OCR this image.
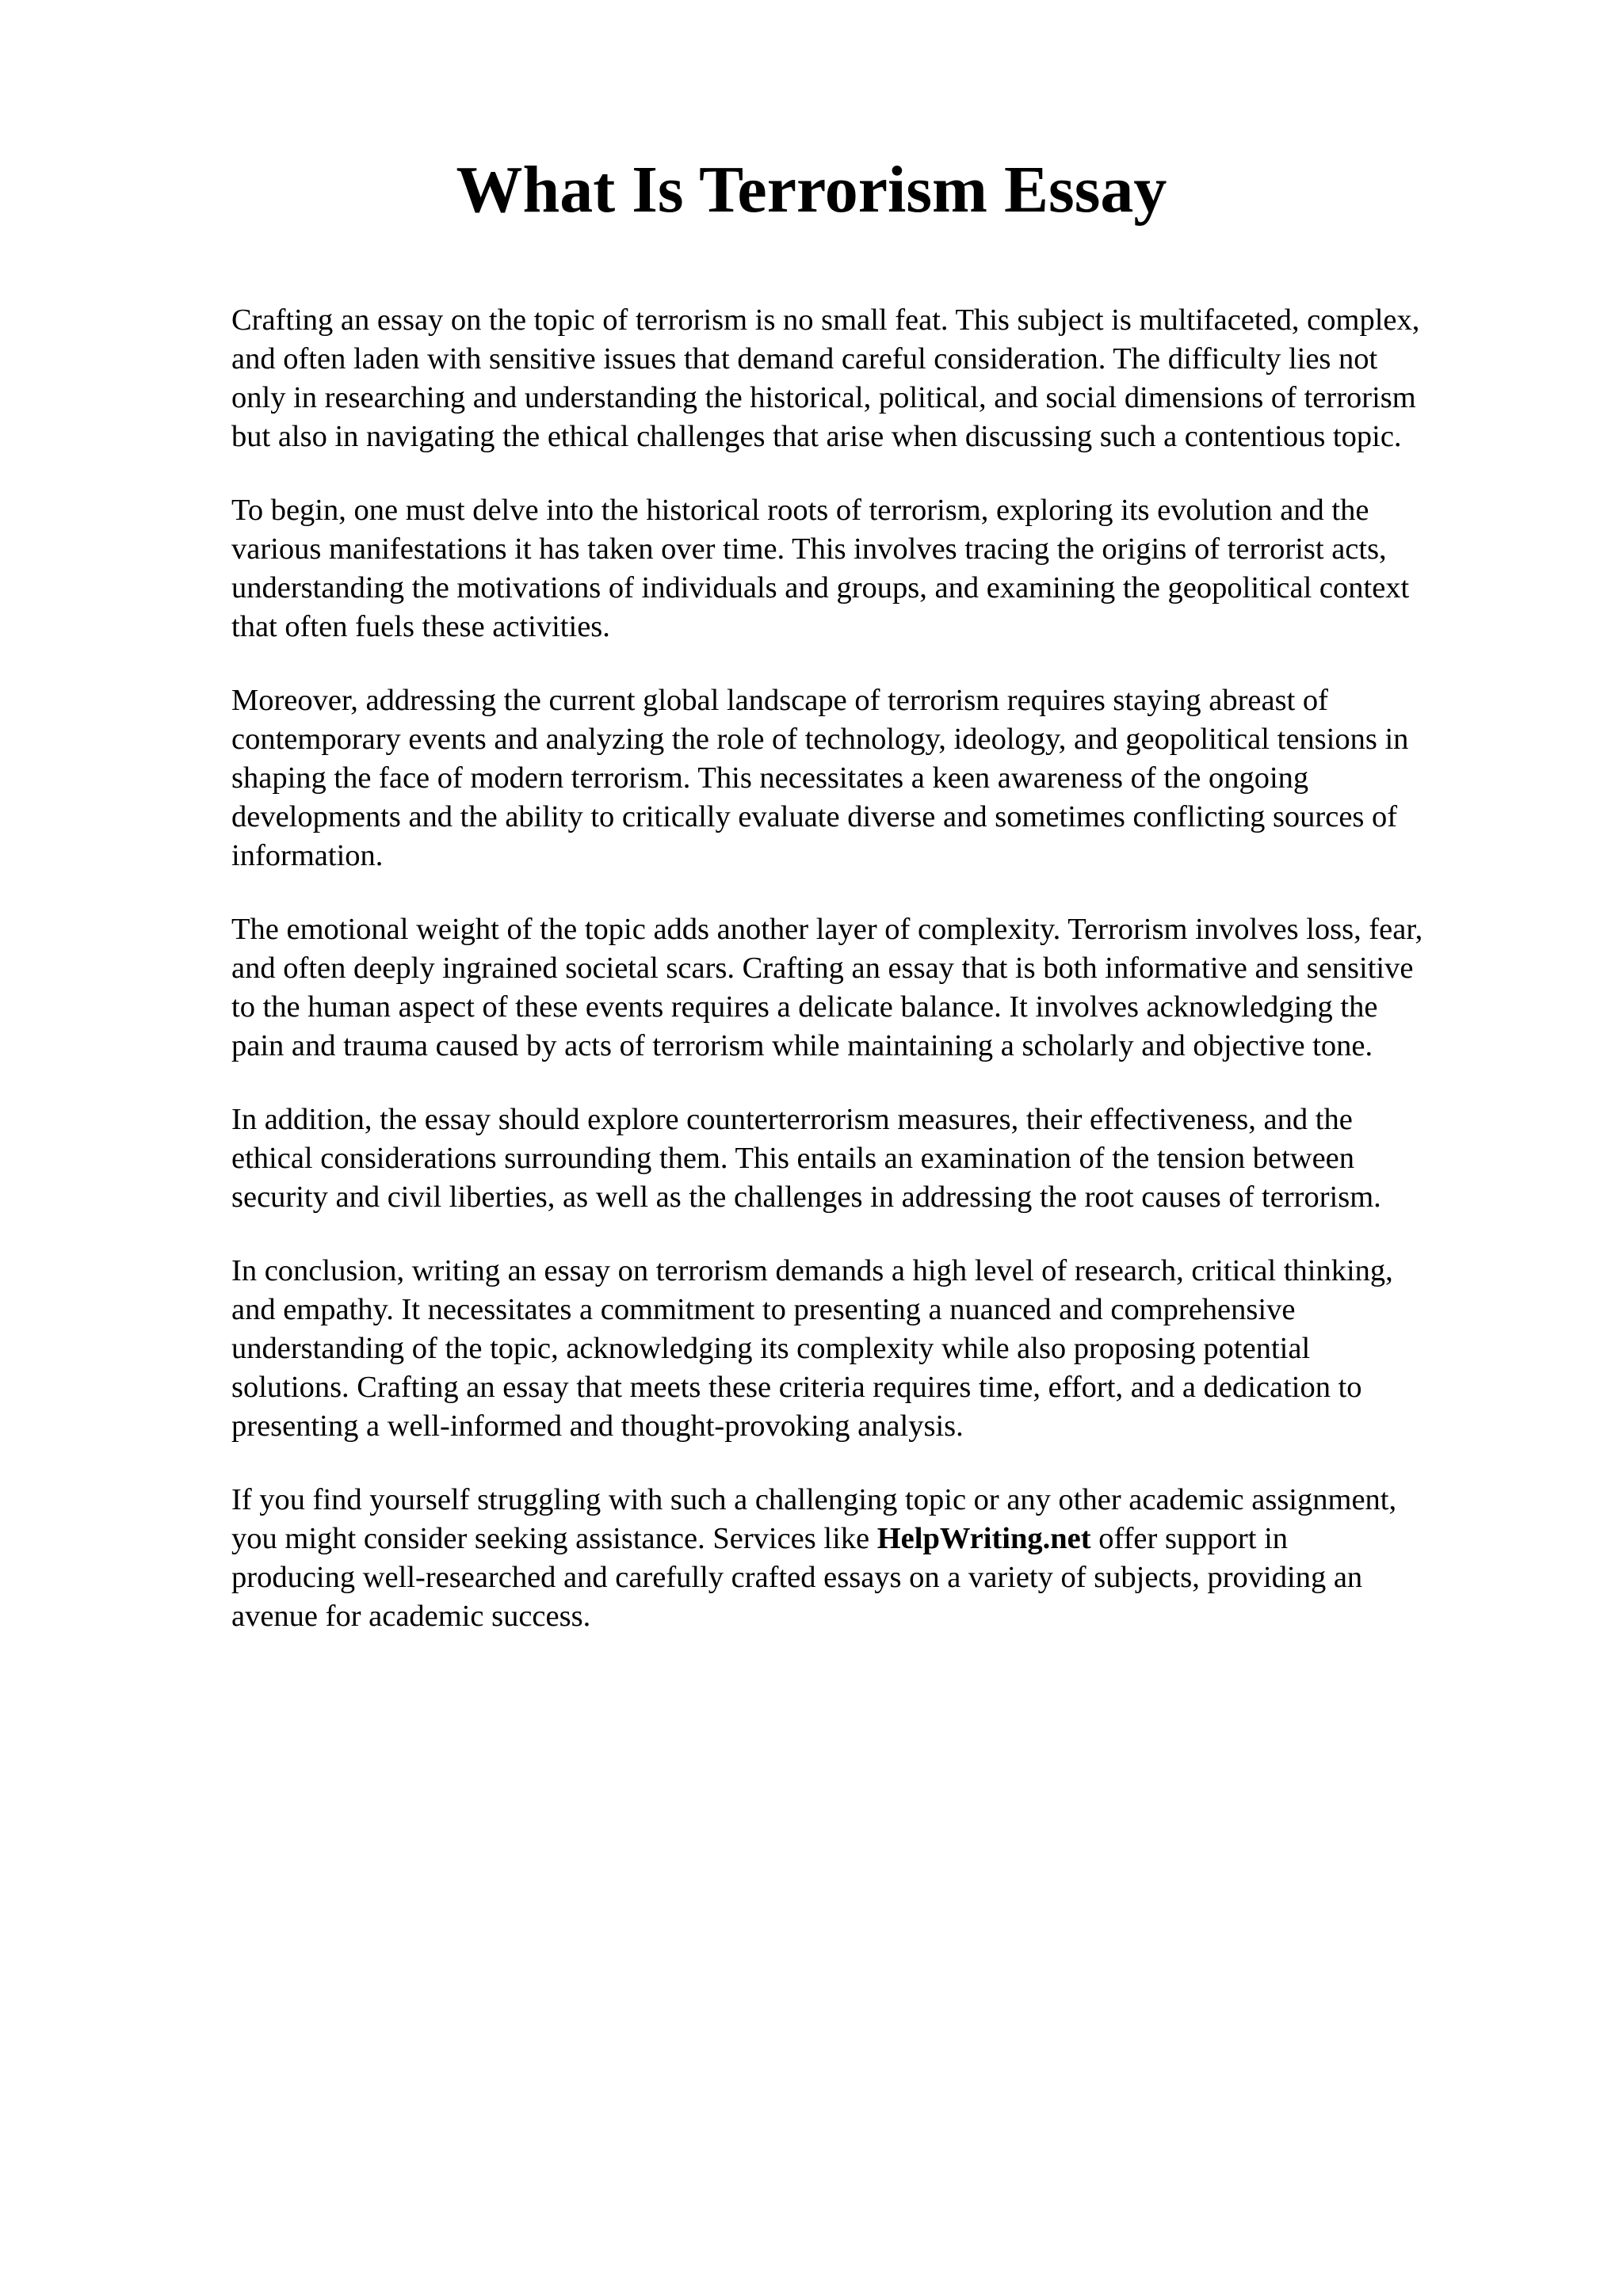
What Is Terrorism Essay

Crafting an essay on the topic of terrorism is no small feat. This subject is multifaceted, complex,
and often laden with sensitive issues that demand careful consideration. The difficulty lies not
only in researching and understanding the historical, political, and social dimensions of terrorism
but also in navigating the ethical challenges that arise when discussing such a contentious topic.

To begin, one must delve into the historical roots of terrorism, exploring its evolution and the
various manifestations it has taken over time. This involves tracing the origins of terrorist acts,
understanding the motivations of individuals and groups, and examining the geopolitical context
that often fuels these activities.

Moreover, addressing the current global landscape of terrorism requires staying abreast of
contemporary events and analyzing the role of technology, ideology, and geopolitical tensions in
shaping the face of modern terrorism. This necessitates a keen awareness of the ongoing
developments and the ability to critically evaluate diverse and sometimes conflicting sources of
information.

The emotional weight of the topic adds another layer of complexity. Terrorism involves loss, fear,
and often deeply ingrained societal scars. Crafting an essay that is both informative and sensitive
to the human aspect of these events requires a delicate balance. It involves acknowledging the
pain and trauma caused by acts of terrorism while maintaining a scholarly and objective tone.

In addition, the essay should explore counterterrorism measures, their effectiveness, and the
ethical considerations surrounding them. This entails an examination of the tension between
security and civil liberties, as well as the challenges in addressing the root causes of terrorism.

In conclusion, writing an essay on terrorism demands a high level of research, critical thinking,
and empathy. It necessitates a commitment to presenting a nuanced and comprehensive
understanding of the topic, acknowledging its complexity while also proposing potential
solutions. Crafting an essay that meets these criteria requires time, effort, and a dedication to
presenting a well-informed and thought-provoking analysis.

If you find yourself struggling with such a challenging topic or any other academic assignment,
you might consider seeking assistance. Services like HelpWriting.net offer support in
producing well-researched and carefully crafted essays on a variety of subjects, providing an
avenue for academic success.
